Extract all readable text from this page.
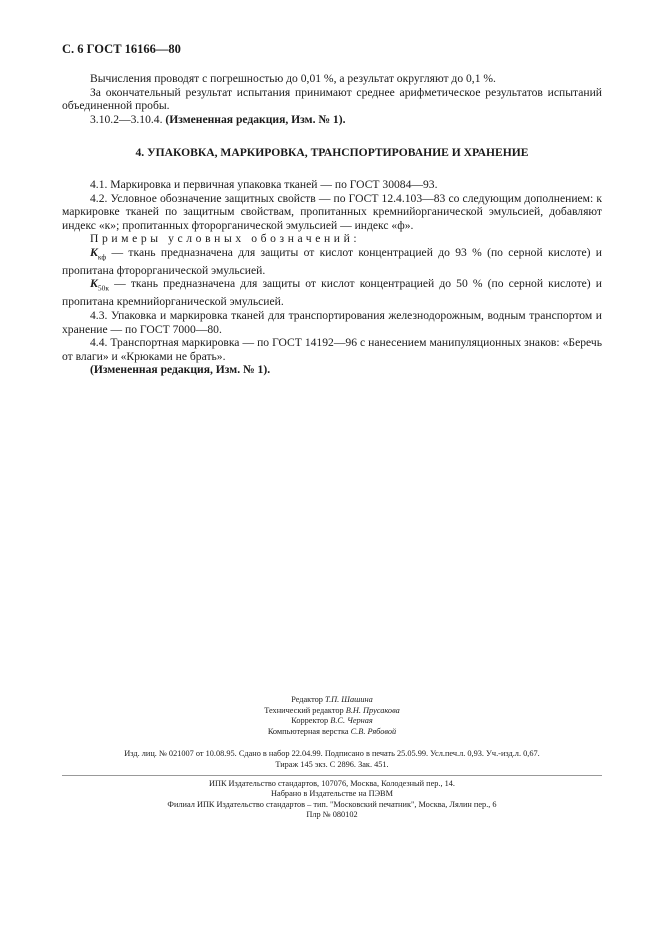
С. 6 ГОСТ 16166—80

Вычисления проводят с погрешностью до 0,01 %, а результат округляют до 0,1 %.

За окончательный результат испытания принимают среднее арифметическое результатов испытаний объединенной пробы.

3.10.2—3.10.4. (Измененная редакция, Изм. № 1).

4. УПАКОВКА, МАРКИРОВКА, ТРАНСПОРТИРОВАНИЕ И ХРАНЕНИЕ

4.1. Маркировка и первичная упаковка тканей — по ГОСТ 30084—93.

4.2. Условное обозначение защитных свойств — по ГОСТ 12.4.103—83 со следующим дополнением: к маркировке тканей по защитным свойствам, пропитанных кремнийорганической эмульсией, добавляют индекс «к»; пропитанных фторорганической эмульсией — индекс «ф».

Примеры условных обозначений:

$К_{кф}$ — ткань предназначена для защиты от кислот концентрацией до 93 % (по серной кислоте) и пропитана фторорганической эмульсией.

$К_{50к}$ — ткань предназначена для защиты от кислот концентрацией до 50 % (по серной кислоте) и пропитана кремнийорганической эмульсией.

4.3. Упаковка и маркировка тканей для транспортирования железнодорожным, водным транспортом и хранение — по ГОСТ 7000—80.

4.4. Транспортная маркировка — по ГОСТ 14192—96 с нанесением манипуляционных знаков: «Беречь от влаги» и «Крюками не брать».

(Измененная редакция, Изм. № 1).

Редактор Т.П. Шашина
Технический редактор В.Н. Прусакова
Корректор В.С. Черная
Компьютерная верстка С.В. Рябовой
Изд. лиц. № 021007 от 10.08.95. Сдано в набор 22.04.99. Подписано в печать 25.05.99. Усл.печ.л. 0,93. Уч.-изд.л. 0,67.
Тираж 145 экз. С 2896. Зак. 451.
ИПК Издательство стандартов, 107076, Москва, Колодезный пер., 14.
Набрано в Издательстве на ПЭВМ
Филиал ИПК Издательство стандартов – тип. "Московский печатник", Москва, Лялин пер., 6
Плр № 080102
